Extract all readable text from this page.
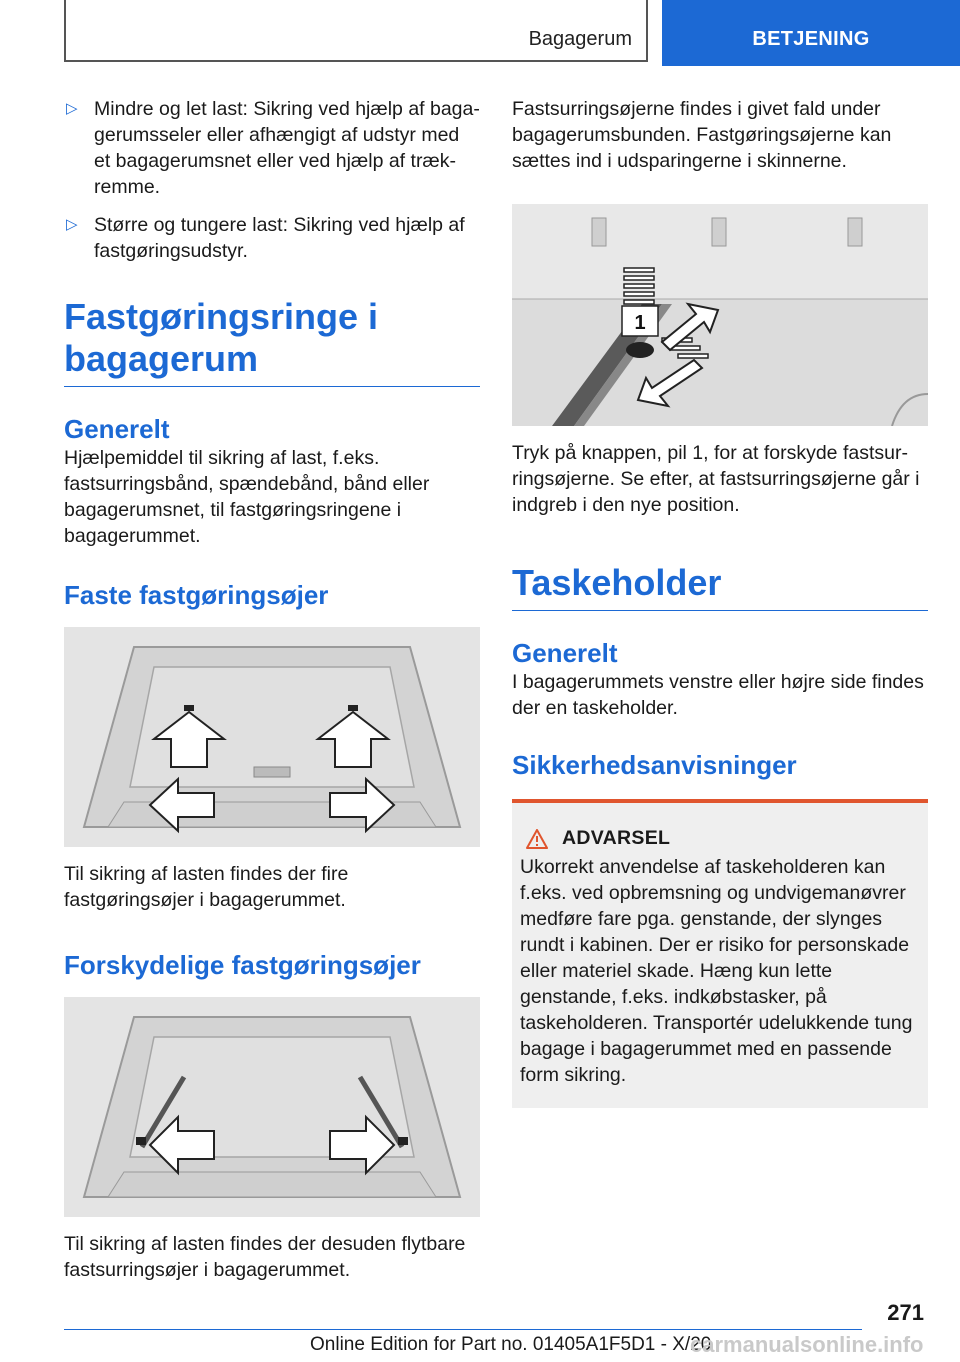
Bagagerum	BETJENING
▷ Mindre og let last: Sikring ved hjælp af bagagerumsseler eller afhængigt af udstyr med et bagagerumsnet eller ved hjælp af trækremme.
▷ Større og tungere last: Sikring ved hjælp af fastgøringsudstyr.
Fastgøringsringe i bagagerum
Generelt

Hjælpemiddel til sikring af last, f.eks. fastsurringsbånd, spændebånd, bånd eller bagagerumsnet, til fastgøringsringene i bagagerummet.

Faste fastgøringsøjer

Til sikring af lasten findes der fire fastgøringsøjer i bagagerummet.

Forskydelige fastgøringsøjer

Til sikring af lasten findes der desuden flytbare fastsurringsøjer i bagagerummet.

Fastsurringsøjerne findes i givet fald under bagagerumsbunden. Fastgøringsøjerne kan sættes ind i udsparingerne i skinnerne.

1

Tryk på knappen, pil 1, for at forskyde fastsurringsøjerne. Se efter, at fastsurringsøjerne går i indgreb i den nye position.

Taskeholder
Generelt

I bagagerummets venstre eller højre side findes der en taskeholder.

Sikkerhedsanvisninger
ADVARSEL

Ukorrekt anvendelse af taskeholderen kan f.eks. ved opbremsning og undvigemanøvrer medføre fare pga. genstande, der slynges rundt i kabinen. Der er risiko for personskade eller materiel skade. Hæng kun lette genstande, f.eks. indkøbstasker, på taskeholderen. Transportér udelukkende tung bagage i bagagerummet med en passende form sikring.

271
Online Edition for Part no. 01405A1F5D1 - X/20
carmanualsonline.info
